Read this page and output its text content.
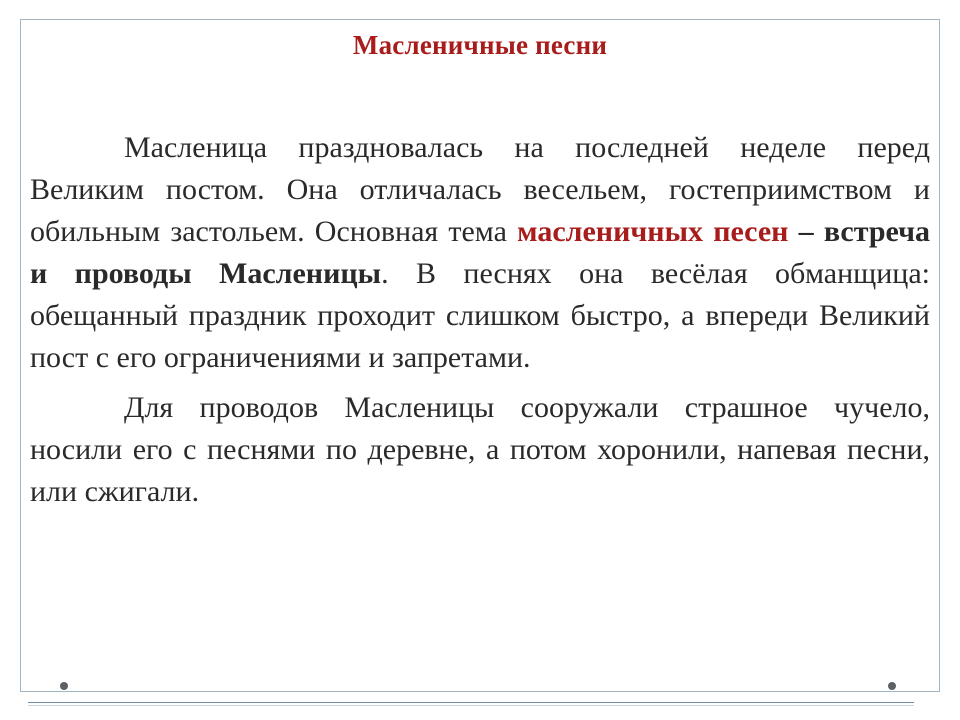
Масленичные песни

Масленица праздновалась на последней неделе перед Великим постом. Она отличалась весельем, гостеприимством и обильным застольем. Основная тема масленичных песен – встреча и проводы Масленицы. В песнях она весёлая обманщица: обещанный праздник проходит слишком быстро, а впереди Великий пост с его ограничениями и запретами.

Для проводов Масленицы сооружали страшное чучело, носили его с песнями по деревне, а потом хоронили, напевая песни, или сжигали.
